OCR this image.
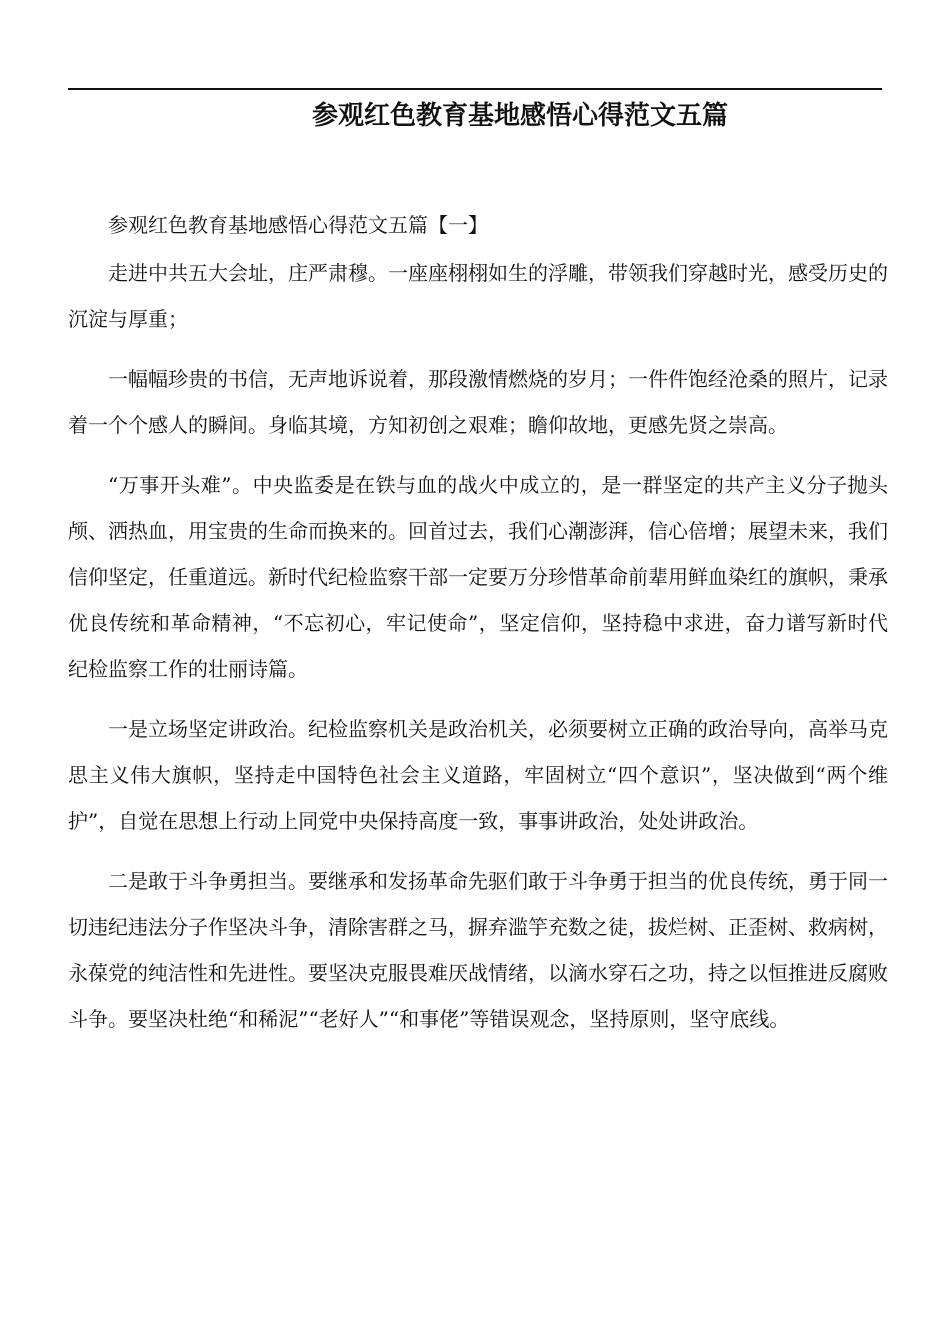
参观红色教育基地感悟心得范文五篇

参观红色教育基地感悟心得范文五篇【一】

走进中共五大会址，庄严肃穆。一座座栩栩如生的浮雕，带领我们穿越时光，感受历史的沉淀与厚重；

一幅幅珍贵的书信，无声地诉说着，那段激情燃烧的岁月；一件件饱经沧桑的照片，记录着一个个感人的瞬间。身临其境，方知初创之艰难；瞻仰故地，更感先贤之崇高。

“万事开头难”。中央监委是在铁与血的战火中成立的，是一群坚定的共产主义分子抛头颅、洒热血，用宝贵的生命而换来的。回首过去，我们心潮澎湃，信心倍增；展望未来，我们信仰坚定，任重道远。新时代纪检监察干部一定要万分珍惜革命前辈用鲜血染红的旗帜，秉承优良传统和革命精神，“不忘初心，牢记使命”，坚定信仰，坚持稳中求进，奋力谱写新时代纪检监察工作的壮丽诗篇。

一是立场坚定讲政治。纪检监察机关是政治机关，必须要树立正确的政治导向，高举马克思主义伟大旗帜，坚持走中国特色社会主义道路，牢固树立“四个意识”，坚决做到“两个维护”，自觉在思想上行动上同党中央保持高度一致，事事讲政治，处处讲政治。

二是敢于斗争勇担当。要继承和发扬革命先驱们敢于斗争勇于担当的优良传统，勇于同一切违纪违法分子作坚决斗争，清除害群之马，摒弃滥竽充数之徒，拔烂树、正歪树、救病树，永葆党的纯洁性和先进性。要坚决克服畏难厌战情绪，以滴水穿石之功，持之以恒推进反腐败斗争。要坚决杜绝“和稀泥”“老好人”“和事佬”等错误观念，坚持原则，坚守底线。
